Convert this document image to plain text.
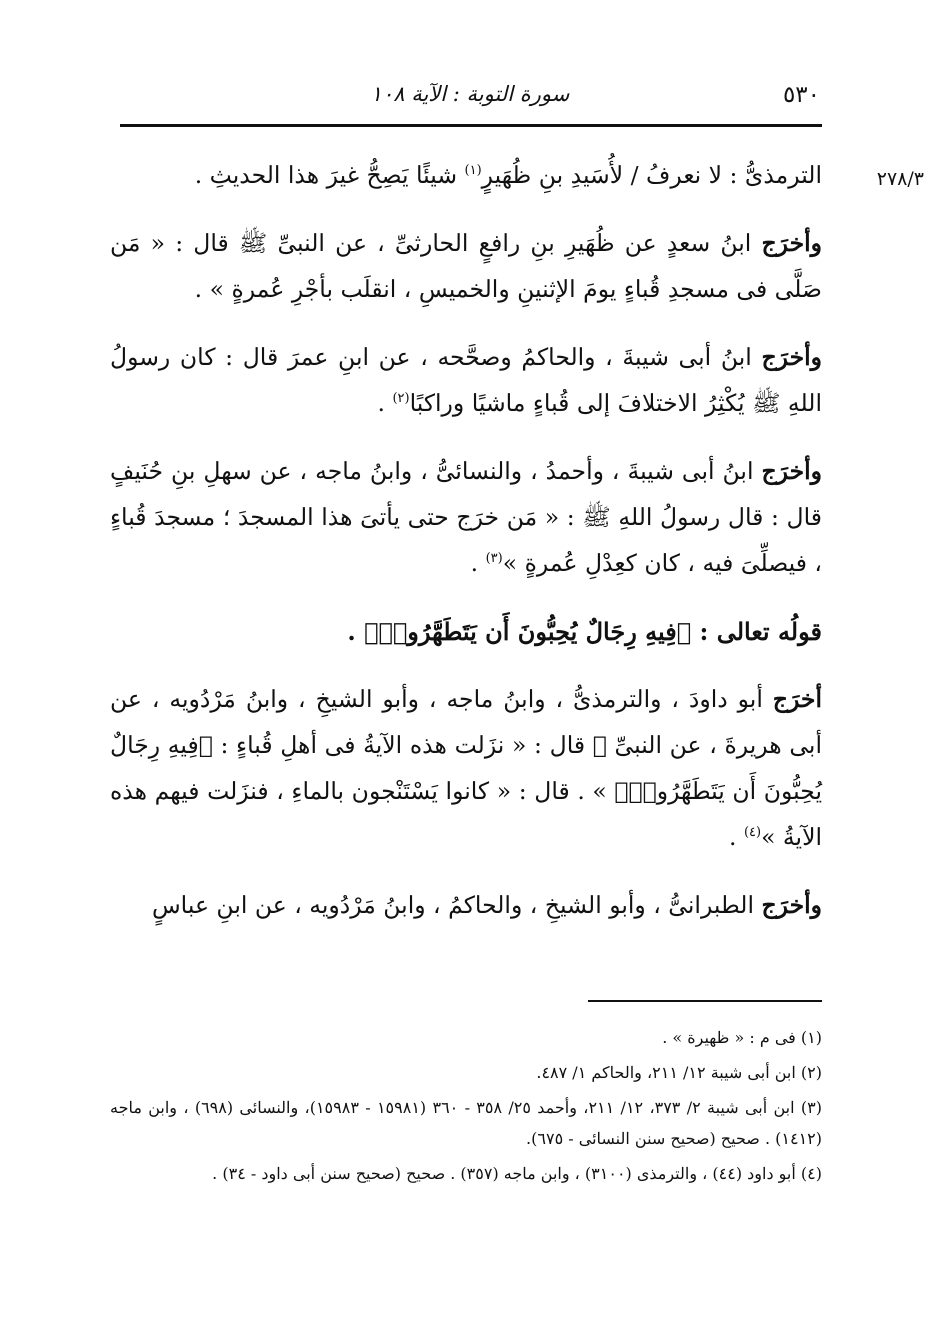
٥٣٠
سورة التوبة : الآية ١٠٨
٢٧٨/٣

الترمذىُّ : لا نعرفُ / لأُسَيدِ بنِ ظُهَيرٍ$^{(١)}$ شيئًا يَصِحُّ غيرَ هذا الحديثِ .

وأخرَج ابنُ سعدٍ عن ظُهَيرِ بنِ رافعٍ الحارثىِّ ، عن النبىِّ ﷺ قال : « مَن صَلَّى فى مسجدِ قُباءٍ يومَ الإثنينِ والخميسِ ، انقلَب بأجْرِ عُمرةٍ » .

وأخرَج ابنُ أبى شيبةَ ، والحاكمُ وصحَّحه ، عن ابنِ عمرَ قال : كان رسولُ اللهِ ﷺ يُكْثِرُ الاختلافَ إلى قُباءٍ ماشيًا وراكبًا$^{(٢)}$ .

وأخرَج ابنُ أبى شيبةَ ، وأحمدُ ، والنسائىُّ ، وابنُ ماجه ، عن سهلِ بنِ حُنَيفٍ قال : قال رسولُ اللهِ ﷺ : « مَن خرَج حتى يأتىَ هذا المسجدَ ؛ مسجدَ قُباءٍ ، فيصلِّىَ فيه ، كان كعِدْلِ عُمرةٍ »$^{(٣)}$ .

قولُه تعالى : ﴿فِيهِ رِجَالٌ يُحِبُّونَ أَن يَتَطَهَّرُوا۟﴾ .

أخرَج أبو داودَ ، والترمذىُّ ، وابنُ ماجه ، وأبو الشيخِ ، وابنُ مَرْدُويه ، عن أبى هريرةَ ، عن النبىِّ ﷺ قال : « نزَلت هذه الآيةُ فى أهلِ قُباءٍ : ﴿فِيهِ رِجَالٌ يُحِبُّونَ أَن يَتَطَهَّرُوا۟﴾ » . قال : « كانوا يَسْتَنْجون بالماءِ ، فنزَلت فيهم هذه الآيةُ »$^{(٤)}$ .

وأخرَج الطبرانىُّ ، وأبو الشيخِ ، والحاكمُ ، وابنُ مَرْدُويه ، عن ابنِ عباسٍ

(١) فى م : « ظهيرة » .

(٢) ابن أبى شيبة ١٢/ ٢١١، والحاكم ١/ ٤٨٧.

(٣) ابن أبى شيبة ٢/ ٣٧٣، ١٢/ ٢١١، وأحمد ٢٥/ ٣٥٨ - ٣٦٠ (١٥٩٨١ - ١٥٩٨٣)، والنسائى (٦٩٨) ، وابن ماجه (١٤١٢) . صحيح (صحيح سنن النسائى - ٦٧٥).

(٤) أبو داود (٤٤) ، والترمذى (٣١٠٠) ، وابن ماجه (٣٥٧) . صحيح (صحيح سنن أبى داود - ٣٤) .
